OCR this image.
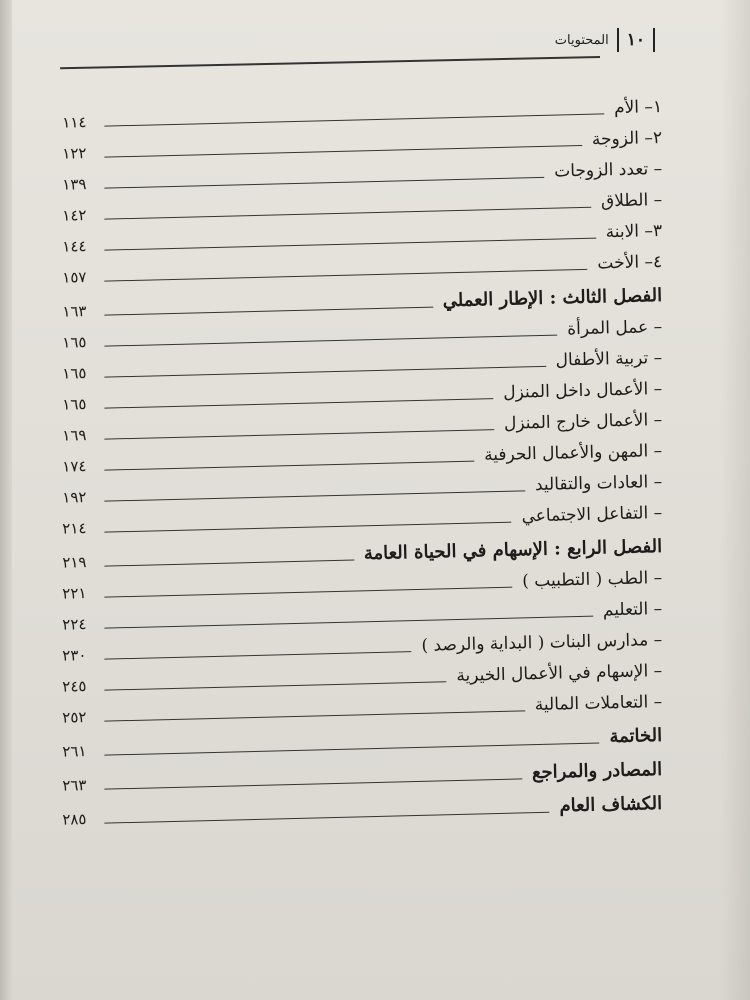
١٠
المحتويات
١١٤
١– الأم
١٢٢
٢– الزوجة
١٣٩
– تعدد الزوجات
١٤٢
– الطلاق
١٤٤
٣– الابنة
١٥٧
٤– الأخت
١٦٣
الفصل الثالث : الإطار العملي
١٦٥
– عمل المرأة
١٦٥
– تربية الأطفال
١٦٥
– الأعمال داخل المنزل
١٦٩
– الأعمال خارج المنزل
١٧٤
– المهن والأعمال الحرفية
١٩٢
– العادات والتقاليد
٢١٤
– التفاعل الاجتماعي
٢١٩	الفصل الرابع : الإسهام في الحياة العامة
٢٢١
– الطب ( التطبيب )
٢٢٤
– التعليم
٢٣٠	– مدارس البنات ( البداية والرصد )
٢٤٥
– الإسهام في الأعمال الخيرية
٢٥٢
– التعاملات المالية
٢٦١
الخاتمة
٢٦٣
المصادر والمراجع
٢٨٥
الكشاف العام
